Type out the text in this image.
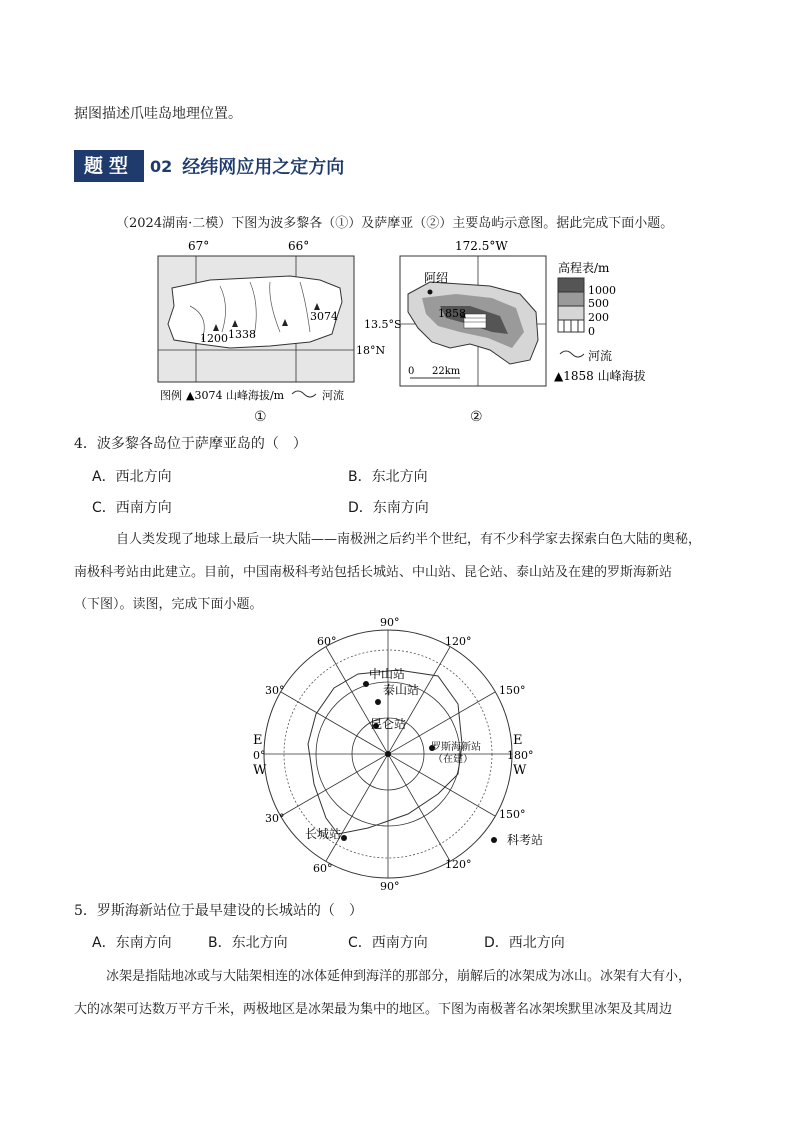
据图描述爪哇岛地理位置。
题型	02 经纬网应用之定方向
（2024湖南·二模）下图为波多黎各（①）及萨摩亚（②）主要岛屿示意图。据此完成下面小题。
67°	66°
1200 1338
3074
18°N
图例 ▲3074 山峰海拔/m	河流
①
172.5°W
阿绍
1858
13.5°S
0 22km
高程表/m
1000
500
200
0
河流
▲1858 山峰海拔
②
4．波多黎各岛位于萨摩亚岛的（　）
A．西北方向	B．东北方向
C．西南方向	D．东南方向
自人类发现了地球上最后一块大陆——南极洲之后约半个世纪，有不少科学家去探索白色大陆的奥秘，
南极科考站由此建立。目前，中国南极科考站包括长城站、中山站、昆仑站、泰山站及在建的罗斯海新站
（下图）。读图，完成下面小题。
90°
90°
60°	120°
30°	150°
30°	150°
60°	120°
E
0°
W
E
180°
W
中山站
泰山站
昆仑站
罗斯海新站
（在建）
长城站	科考站
5．罗斯海新站位于最早建设的长城站的（　）
A．东南方向	B．东北方向	C．西南方向	D．西北方向
冰架是指陆地冰或与大陆架相连的冰体延伸到海洋的那部分，崩解后的冰架成为冰山。冰架有大有小，
大的冰架可达数万平方千米，两极地区是冰架最为集中的地区。下图为南极著名冰架埃默里冰架及其周边
